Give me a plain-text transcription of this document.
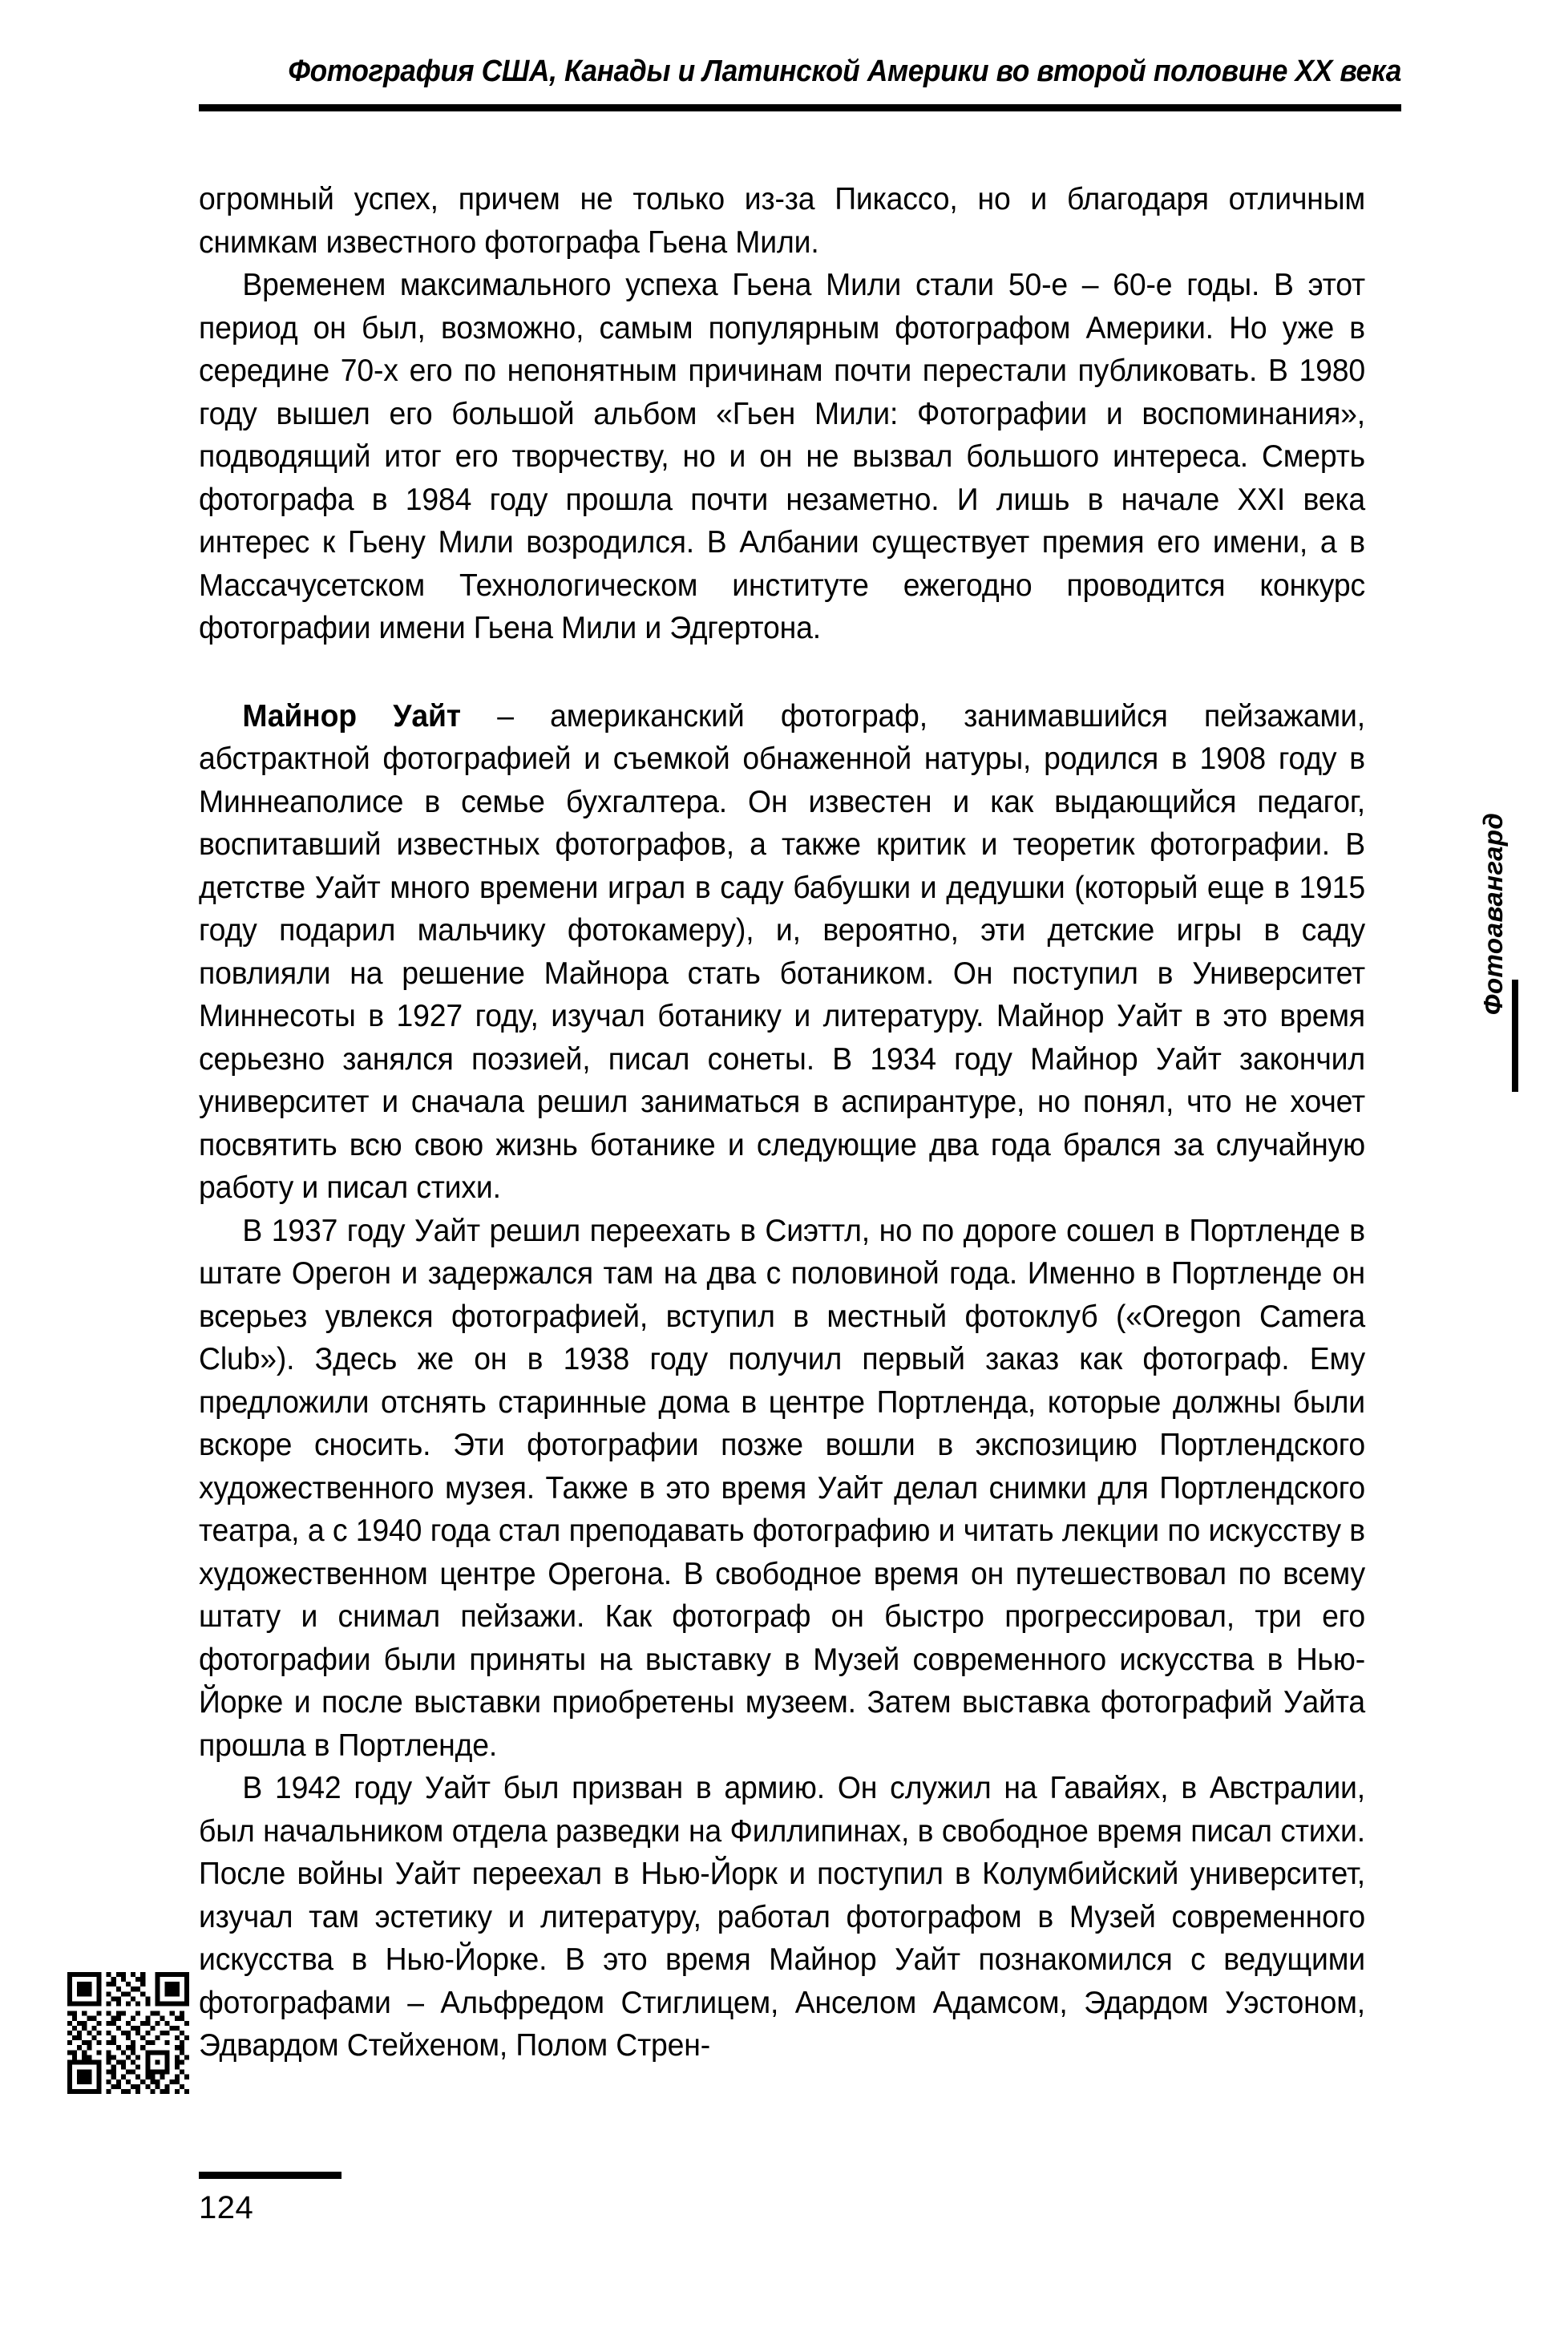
Фотография США, Канады и Латинской Америки во второй половине XX века

огромный успех, причем не только из-за Пикассо, но и благодаря отличным снимкам известного фотографа Гьена Мили.

Временем максимального успеха Гьена Мили стали 50-е – 60-е годы. В этот период он был, возможно, самым популярным фотографом Америки. Но уже в середине 70-х его по непонятным причинам почти перестали публиковать. В 1980 году вышел его большой альбом «Гьен Мили: Фотографии и воспоминания», подводящий итог его творчеству, но и он не вызвал большого интереса. Смерть фотографа в 1984 году прошла почти незаметно. И лишь в начале XXI века интерес к Гьену Мили возродился. В Албании существует премия его имени, а в Массачусетском Технологическом институте ежегодно проводится конкурс фотографии имени Гьена Мили и Эдгертона.

Майнор Уайт – американский фотограф, занимавшийся пейзажами, абстрактной фотографией и съемкой обнаженной натуры, родился в 1908 году в Миннеаполисе в семье бухгалтера. Он известен и как выдающийся педагог, воспитавший известных фотографов, а также критик и теоретик фотографии. В детстве Уайт много времени играл в саду бабушки и дедушки (который еще в 1915 году подарил мальчику фотокамеру), и, вероятно, эти детские игры в саду повлияли на решение Майнора стать ботаником. Он поступил в Университет Миннесоты в 1927 году, изучал ботанику и литературу. Майнор Уайт в это время серьезно занялся поэзией, писал сонеты. В 1934 году Майнор Уайт закончил университет и сначала решил заниматься в аспирантуре, но понял, что не хочет посвятить всю свою жизнь ботанике и следующие два года брался за случайную работу и писал стихи.

В 1937 году Уайт решил переехать в Сиэттл, но по дороге сошел в Портленде в штате Орегон и задержался там на два с половиной года. Именно в Портленде он всерьез увлекся фотографией, вступил в местный фотоклуб («Oregon Camera Club»). Здесь же он в 1938 году получил первый заказ как фотограф. Ему предложили отснять старинные дома в центре Портленда, которые должны были вскоре сносить. Эти фотографии позже вошли в экспозицию Портлендского художественного музея. Также в это время Уайт делал снимки для Портлендского театра, а с 1940 года стал преподавать фотографию и читать лекции по искусству в художественном центре Орегона. В свободное время он путешествовал по всему штату и снимал пейзажи. Как фотограф он быстро прогрессировал, три его фотографии были приняты на выставку в Музей современного искусства в Нью-Йорке и после выставки приобретены музеем. Затем выставка фотографий Уайта прошла в Портленде.

В 1942 году Уайт был призван в армию. Он служил на Гавайях, в Австралии, был начальником отдела разведки на Филлипинах, в свободное время писал стихи. После войны Уайт переехал в Нью-Йорк и поступил в Колумбийский университет, изучал там эстетику и литературу, работал фотографом в Музей современного искусства в Нью-Йорке. В это время Майнор Уайт познакомился с ведущими фотографами – Альфредом Стиглицем, Анселом Адамсом, Эдардом Уэстоном, Эдвардом Стейхеном, Полом Стрен-

Фотоавангард
124
